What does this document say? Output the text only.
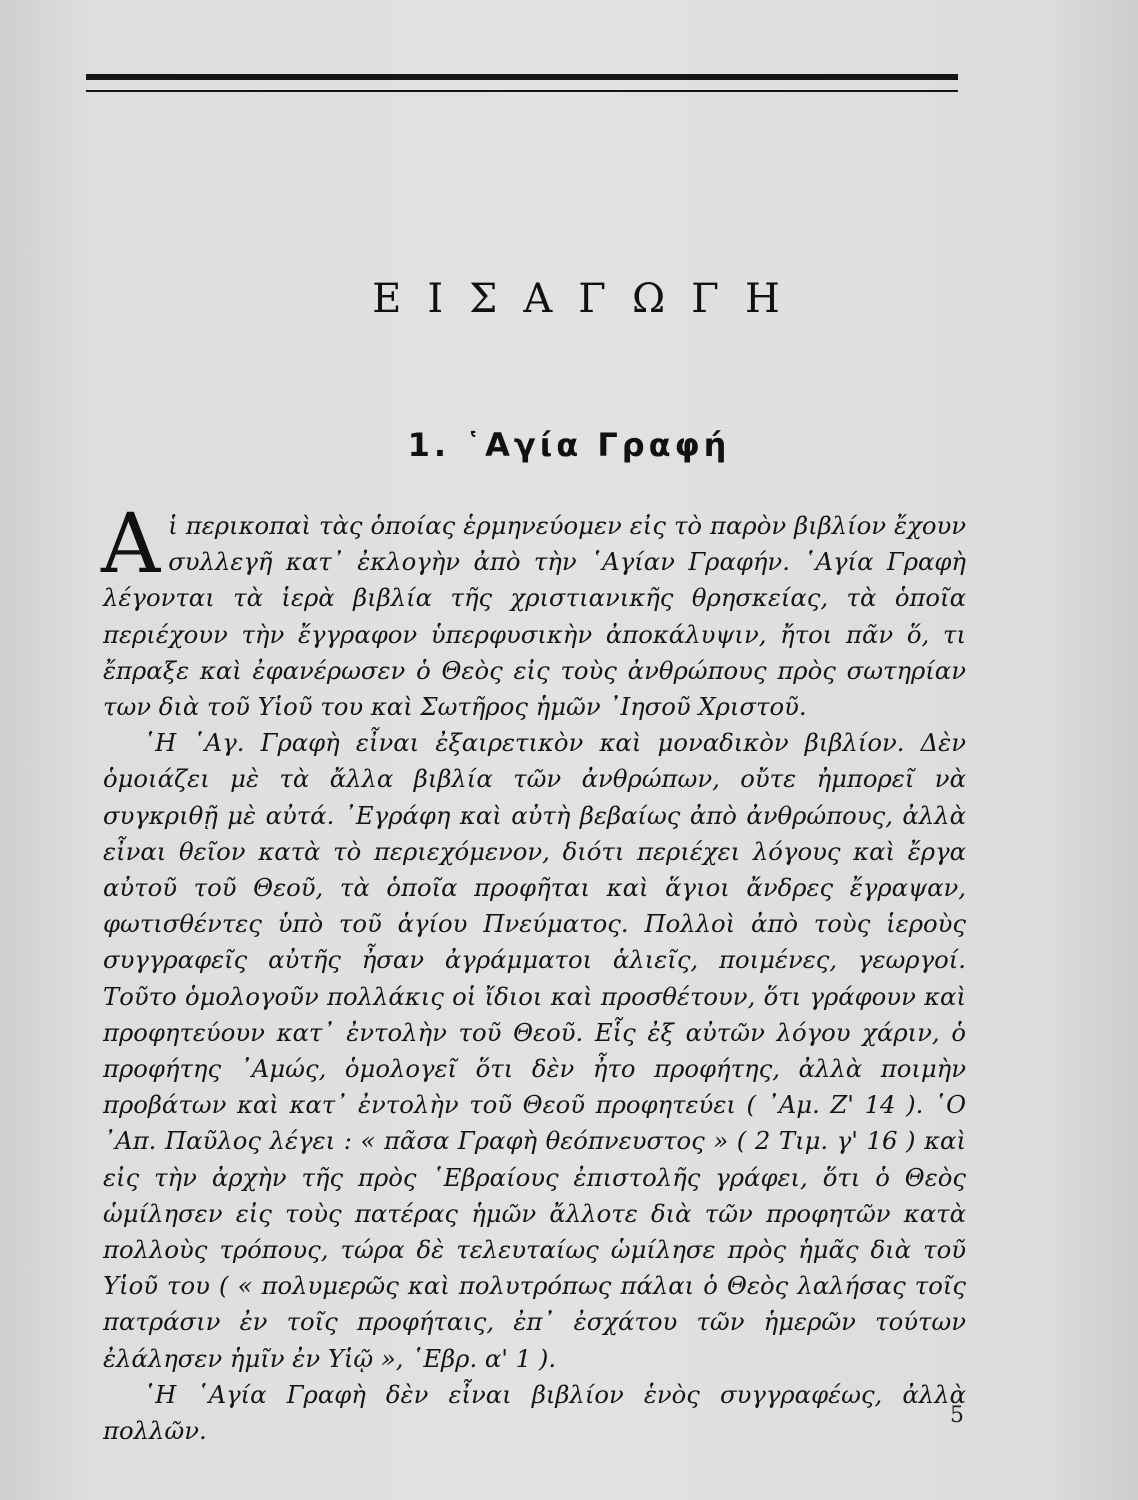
ΕΙΣΑΓΩΓΗ
1. ῾Αγία Γραφή

Αἱ περικοπαὶ τὰς ὁποίας ἑρμηνεύομεν εἰς τὸ παρὸν βιβλίον ἔχουν συλλεγῆ κατ᾽ ἐκλογὴν ἀπὸ τὴν ῾Αγίαν Γραφήν. ῾Αγία Γραφὴ λέγονται τὰ ἱερὰ βιβλία τῆς χριστιανικῆς θρησκείας, τὰ ὁποῖα περιέχουν τὴν ἔγγραφον ὑπερφυσικὴν ἀποκάλυψιν, ἤτοι πᾶν ὅ, τι ἔπραξε καὶ ἐφανέρωσεν ὁ Θεὸς εἰς τοὺς ἀνθρώπους πρὸς σωτηρίαν των διὰ τοῦ Υἱοῦ του καὶ Σωτῆρος ἡμῶν ᾽Ιησοῦ Χριστοῦ.

῾Η ῾Αγ. Γραφὴ εἶναι ἐξαιρετικὸν καὶ μοναδικὸν βιβλίον. Δὲν ὁμοιάζει μὲ τὰ ἄλλα βιβλία τῶν ἀνθρώπων, οὔτε ἠμπορεῖ νὰ συγκριθῇ μὲ αὐτά. ᾽Εγράφη καὶ αὐτὴ βεβαίως ἀπὸ ἀνθρώπους, ἀλλὰ εἶναι θεῖον κατὰ τὸ περιεχόμενον, διότι περιέχει λόγους καὶ ἔργα αὐτοῦ τοῦ Θεοῦ, τὰ ὁποῖα προφῆται καὶ ἅγιοι ἄνδρες ἔγραψαν, φωτισθέντες ὑπὸ τοῦ ἁγίου Πνεύματος. Πολλοὶ ἀπὸ τοὺς ἱεροὺς συγγραφεῖς αὐτῆς ἦσαν ἀγράμματοι ἁλιεῖς, ποιμένες, γεωργοί. Τοῦτο ὁμολογοῦν πολλάκις οἱ ἴδιοι καὶ προσθέτουν, ὅτι γράφουν καὶ προφητεύουν κατ᾽ ἐντολὴν τοῦ Θεοῦ. Εἷς ἐξ αὐτῶν λόγου χάριν, ὁ προφήτης ᾽Αμώς, ὁμολογεῖ ὅτι δὲν ἦτο προφήτης, ἀλλὰ ποιμὴν προβάτων καὶ κατ᾽ ἐντολὴν τοῦ Θεοῦ προφητεύει ( ᾽Αμ. Ζ' 14 ). ῾Ο ᾽Απ. Παῦλος λέγει : « πᾶσα Γραφὴ θεόπνευστος » ( 2 Τιμ. γ' 16 ) καὶ εἰς τὴν ἀρχὴν τῆς πρὸς ῾Εβραίους ἐπιστολῆς γράφει, ὅτι ὁ Θεὸς ὡμίλησεν εἰς τοὺς πατέρας ἡμῶν ἄλλοτε διὰ τῶν προφητῶν κατὰ πολλοὺς τρόπους, τώρα δὲ τελευταίως ὡμίλησε πρὸς ἡμᾶς διὰ τοῦ Υἱοῦ του ( « πολυμερῶς καὶ πολυτρόπως πάλαι ὁ Θεὸς λαλήσας τοῖς πατράσιν ἐν τοῖς προφήταις, ἐπ᾽ ἐσχάτου τῶν ἡμερῶν τούτων ἐλάλησεν ἡμῖν ἐν Υἱῷ », ῾Εβρ. α' 1 ).

῾Η ῾Αγία Γραφὴ δὲν εἶναι βιβλίον ἑνὸς συγγραφέως, ἀλλὰ πολλῶν.

5
